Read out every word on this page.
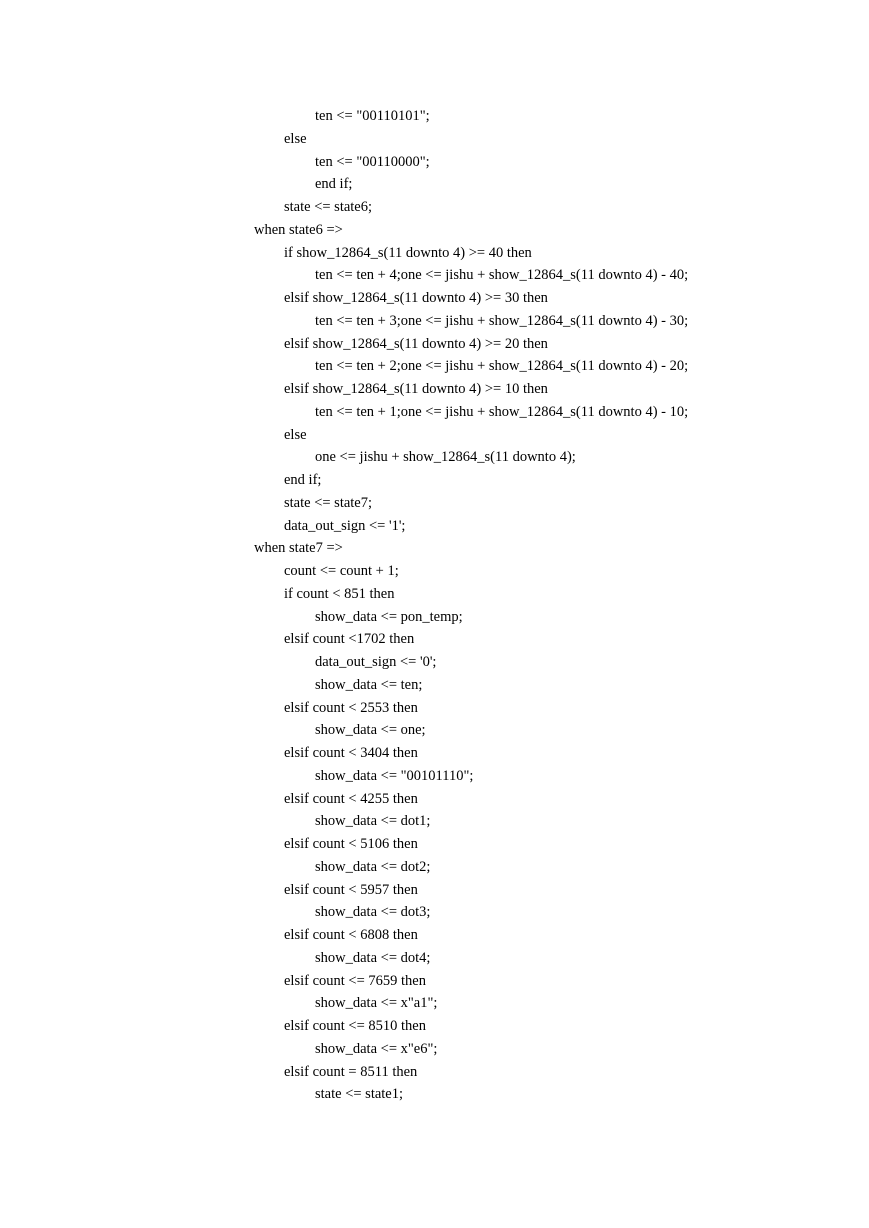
ten <= "00110101";
else
ten <= "00110000";
end if;
state <= state6;
when state6 =>
if show_12864_s(11 downto 4) >= 40 then
ten <= ten + 4;one <= jishu + show_12864_s(11 downto 4) - 40;
elsif show_12864_s(11 downto 4) >= 30 then
ten <= ten + 3;one <= jishu + show_12864_s(11 downto 4) - 30;
elsif show_12864_s(11 downto 4) >= 20 then
ten <= ten + 2;one <= jishu + show_12864_s(11 downto 4) - 20;
elsif show_12864_s(11 downto 4) >= 10 then
ten <= ten + 1;one <= jishu + show_12864_s(11 downto 4) - 10;
else
one <= jishu + show_12864_s(11 downto 4);
end if;
state <= state7;
data_out_sign <= '1';
when state7 =>
count <= count + 1;
if count < 851 then
show_data <= pon_temp;
elsif count <1702 then
data_out_sign <= '0';
show_data <= ten;
elsif count < 2553 then
show_data <= one;
elsif count < 3404 then
show_data <= "00101110";
elsif count < 4255 then
show_data <= dot1;
elsif count < 5106 then
show_data <= dot2;
elsif count < 5957 then
show_data <= dot3;
elsif count < 6808 then
show_data <= dot4;
elsif count <= 7659 then
show_data <= x"a1";
elsif count <= 8510 then
show_data <= x"e6";
elsif count = 8511 then
state <= state1;
